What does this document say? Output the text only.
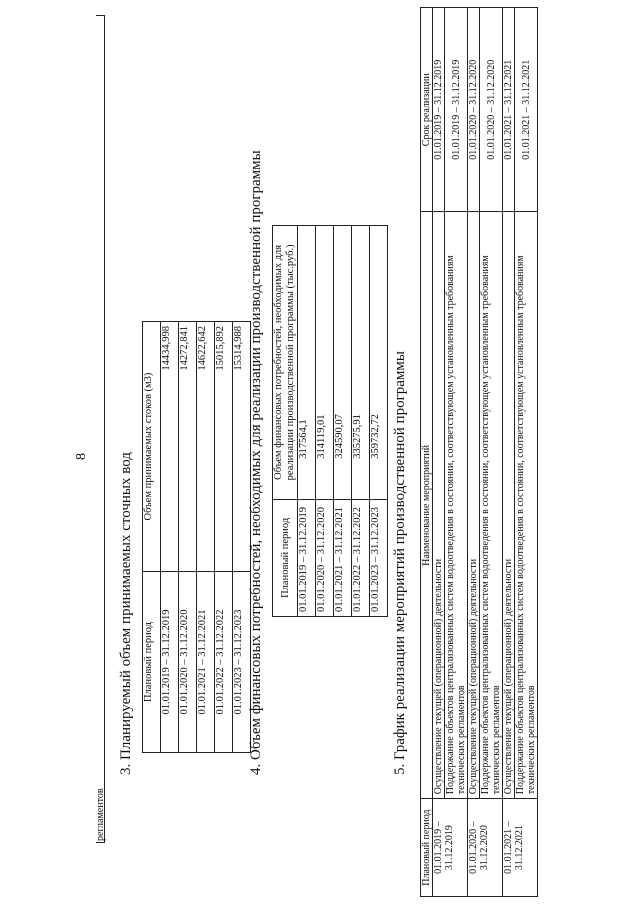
8
регламентов
3. Планируемый объем принимаемых сточных вод Плановый период	Объем принимаемых стоков (м3)
01.01.2019 – 31.12.2019	14434,998
01.01.2020 – 31.12.2020	14272,841
01.01.2021 – 31.12.2021	14622,642
01.01.2022 – 31.12.2022	15015,892
01.01.2023 – 31.12.2023	15314,988 4. Объем финансовых потребностей, необходимых для реализации производственной программы Плановый период	Объем финансовых потребностей, необходимых для реализации производственной программы (тыс.руб.)
01.01.2019 – 31.12.2019	317564,1
01.01.2020 – 31.12.2020	314119,01
01.01.2021 – 31.12.2021	324590,07
01.01.2022 – 31.12.2022	335275,91
01.01.2023 – 31.12.2023	359732,72 5. График реализации мероприятий производственной программы
Плановый период	Наименование мероприятий	Срок реализации
01.01.2019 – 31.12.2019	Осуществление текущей (операционной) деятельности	01.01.2019 – 31.12.2019
	Поддержание объектов централизованных систем водоотведения в состоянии, соответствующем установленным требованиям технических регламентов	01.01.2019 – 31.12.2019
01.01.2020 – 31.12.2020	Осуществление текущей (операционной) деятельности	01.01.2020 – 31.12.2020
	Поддержание объектов централизованных систем водоотведения в состоянии, соответствующем установленным требованиям технических регламентов	01.01.2020 – 31.12.2020
01.01.2021 – 31.12.2021	Осуществление текущей (операционной) деятельности	01.01.2021 – 31.12.2021
	Поддержание объектов централизованных систем водоотведения в состоянии, соответствующем установленным требованиям технических регламентов	01.01.2021 – 31.12.2021
